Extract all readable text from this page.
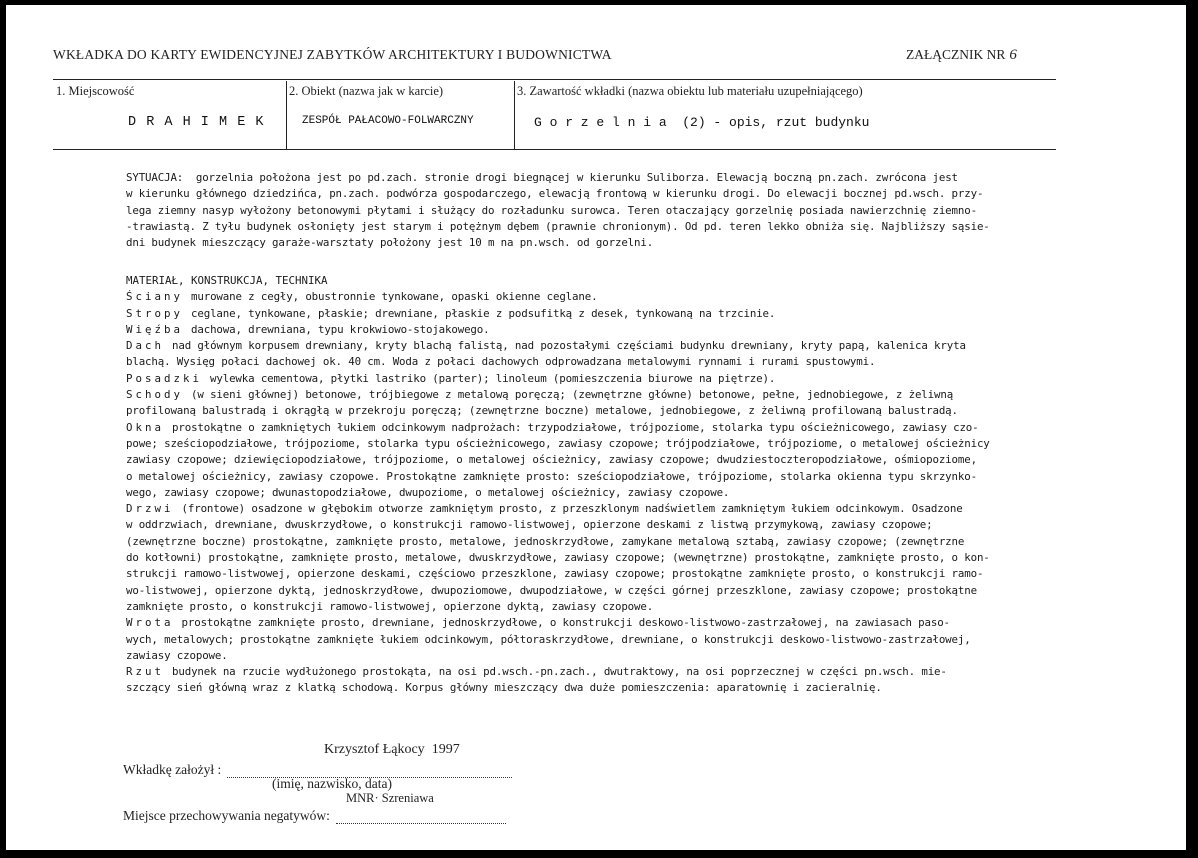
WKŁADKA DO KARTY EWIDENCYJNEJ ZABYTKÓW ARCHITEKTURY I BUDOWNICTWA	ZAŁĄCZNIK NR 6
1. Miejscowość	2. Obiekt (nazwa jak w karcie)	3. Zawartość wkładki (nazwa obiektu lub materiału uzupełniającego)
D R A H I M E K	ZESPÓŁ PAŁACOWO-FOLWARCZNY	G o r z e l n i a  (2) - opis, rzut budynku

SYTUACJA: gorzelnia położona jest po pd.zach. stronie drogi biegnącej w kierunku Suliborza. Elewacją boczną pn.zach. zwrócona jest

w kierunku głównego dziedzińca, pn.zach. podwórza gospodarczego, elewacją frontową w kierunku drogi. Do elewacji bocznej pd.wsch. przy-

lega ziemny nasyp wyłożony betonowymi płytami i służący do rozładunku surowca. Teren otaczający gorzelnię posiada nawierzchnię ziemno-

-trawiastą. Z tyłu budynek osłonięty jest starym i potężnym dębem (prawnie chronionym). Od pd. teren lekko obniża się. Najbliższy sąsie-

dni budynek mieszczący garaże-warsztaty położony jest 10 m na pn.wsch. od gorzelni.

MATERIAŁ, KONSTRUKCJA, TECHNIKA

Ściany murowane z cegły, obustronnie tynkowane, opaski okienne ceglane.

Stropy ceglane, tynkowane, płaskie; drewniane, płaskie z podsufitką z desek, tynkowaną na trzcinie.

Więźba dachowa, drewniana, typu krokwiowo-stojakowego.

Dach nad głównym korpusem drewniany, kryty blachą falistą, nad pozostałymi częściami budynku drewniany, kryty papą, kalenica kryta

blachą. Wysięg połaci dachowej ok. 40 cm. Woda z połaci dachowych odprowadzana metalowymi rynnami i rurami spustowymi.

Posadzki wylewka cementowa, płytki lastriko (parter); linoleum (pomieszczenia biurowe na piętrze).

Schody (w sieni głównej) betonowe, trójbiegowe z metalową poręczą; (zewnętrzne główne) betonowe, pełne, jednobiegowe, z żeliwną

profilowaną balustradą i okrągłą w przekroju poręczą; (zewnętrzne boczne) metalowe, jednobiegowe, z żeliwną profilowaną balustradą.

Okna prostokątne o zamkniętych łukiem odcinkowym nadprożach: trzypodziałowe, trójpoziome, stolarka typu ościeżnicowego, zawiasy czo-

powe; sześciopodziałowe, trójpoziome, stolarka typu ościeżnicowego, zawiasy czopowe; trójpodziałowe, trójpoziome, o metalowej ościeżnicy

zawiasy czopowe; dziewięciopodziałowe, trójpoziome, o metalowej ościeżnicy, zawiasy czopowe; dwudziestoczteropodziałowe, ośmiopoziome,

o metalowej ościeżnicy, zawiasy czopowe. Prostokątne zamknięte prosto: sześciopodziałowe, trójpoziome, stolarka okienna typu skrzynko-

wego, zawiasy czopowe; dwunastopodziałowe, dwupoziome, o metalowej ościeżnicy, zawiasy czopowe.

Drzwi (frontowe) osadzone w głębokim otworze zamkniętym prosto, z przeszklonym nadświetlem zamkniętym łukiem odcinkowym. Osadzone

w oddrzwiach, drewniane, dwuskrzydłowe, o konstrukcji ramowo-listwowej, opierzone deskami z listwą przymykową, zawiasy czopowe;

(zewnętrzne boczne) prostokątne, zamknięte prosto, metalowe, jednoskrzydłowe, zamykane metalową sztabą, zawiasy czopowe; (zewnętrzne

do kotłowni) prostokątne, zamknięte prosto, metalowe, dwuskrzydłowe, zawiasy czopowe; (wewnętrzne) prostokątne, zamknięte prosto, o kon-

strukcji ramowo-listwowej, opierzone deskami, częściowo przeszklone, zawiasy czopowe; prostokątne zamknięte prosto, o konstrukcji ramo-

wo-listwowej, opierzone dyktą, jednoskrzydłowe, dwupoziomowe, dwupodziałowe, w części górnej przeszklone, zawiasy czopowe; prostokątne

zamknięte prosto, o konstrukcji ramowo-listwowej, opierzone dyktą, zawiasy czopowe.

Wrota prostokątne zamknięte prosto, drewniane, jednoskrzydłowe, o konstrukcji deskowo-listwowo-zastrzałowej, na zawiasach paso-

wych, metalowych; prostokątne zamknięte łukiem odcinkowym, półtoraskrzydłowe, drewniane, o konstrukcji deskowo-listwowo-zastrzałowej,

zawiasy czopowe.

Rzut budynek na rzucie wydłużonego prostokąta, na osi pd.wsch.-pn.zach., dwutraktowy, na osi poprzecznej w części pn.wsch. mie-

szczący sień główną wraz z klatką schodową. Korpus główny mieszczący dwa duże pomieszczenia: aparatownię i zacieralnię.

Krzysztof Łąkocy 1997
Wkładkę założył :
(imię, nazwisko, data)
MNR· Szreniawa
Miejsce przechowywania negatywów:
